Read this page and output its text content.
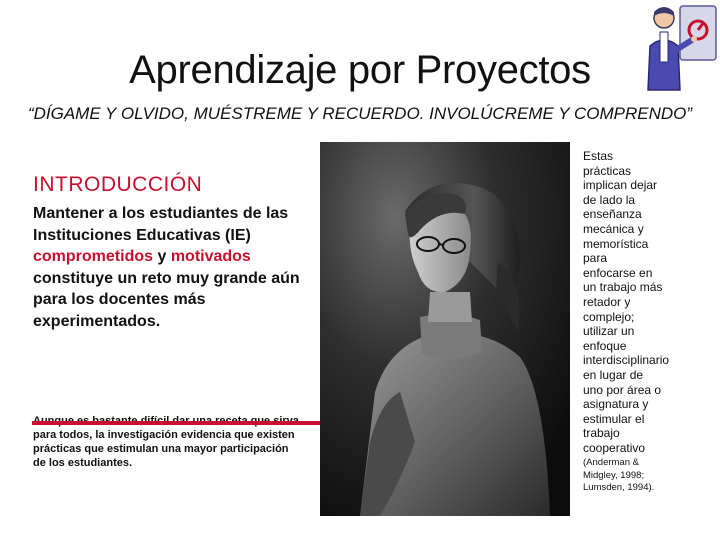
Aprendizaje por Proyectos
“DÍGAME Y OLVIDO, MUÉSTREME Y RECUERDO. INVOLÚCREME Y COMPRENDO”
INTRODUCCIÓN
Mantener a los estudiantes de las Instituciones Educativas (IE) comprometidos y motivados constituye un reto muy grande aún para los docentes más experimentados.
para todos, la investigación evidencia que existen prácticas que estimulan una mayor participación de los estudiantes.
Estas prácticas implican dejar de lado la enseñanza mecánica y memorística para enfocarse en un trabajo más retador y complejo; utilizar un enfoque interdisciplinario en lugar de uno por área o asignatura y estimular el trabajo cooperativo
(Anderman & Midgley, 1998; Lumsden, 1994).
